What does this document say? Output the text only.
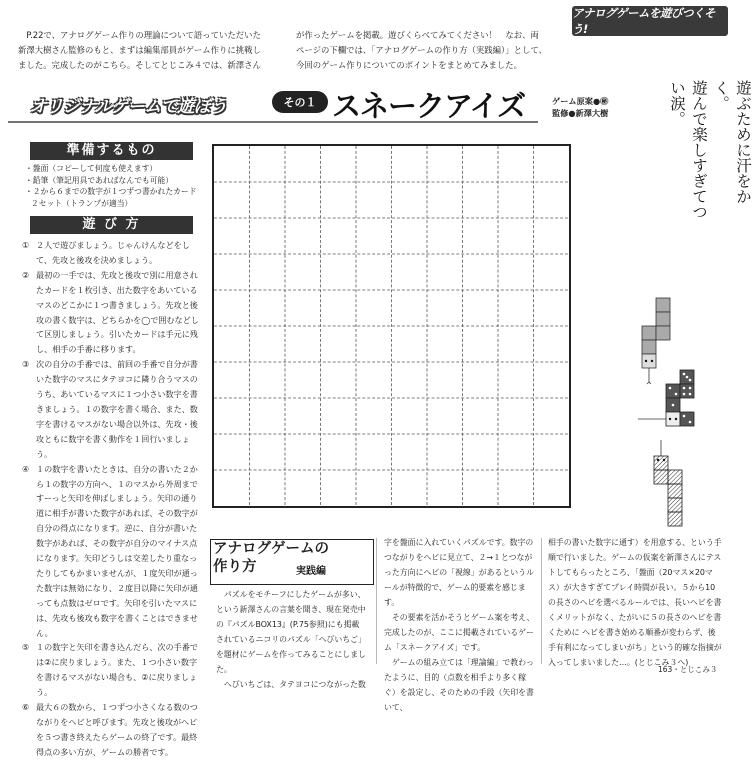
　P.22で、アナログゲーム作りの理論について語っていただいた
新澤大樹さん監修のもと、まずは編集部員がゲーム作りに挑戦し
ました。完成したのがこちら。そしてとじこみ４では、新澤さん
が作ったゲームを掲載。遊びくらべてみてください！　なお、両
ページの下欄では、「アナログゲームの作り方（実践編）」として、
今回のゲーム作りについてのポイントをまとめてみました。
アナログゲームを遊びつくそう!
オリジナルゲームで遊ぼう	その１ スネークアイズ	ゲーム原案●㊙
監修●新澤大樹	遊ぶために汗をかく。
遊んで楽しすぎてつい涙。
準備するもの
・盤面（コピーして何度も使えます）
・鉛筆（筆記用具であればなんでも可能）
・２から６までの数字が１つずつ書かれたカード２セット（トランプが適当）
遊 び 方
① ２人で遊びましょう。じゃんけんなどをして、先攻と後攻を決めましょう。
② 最初の一手では、先攻と後攻で別に用意されたカードを１枚引き、出た数字をあいているマスのどこかに１つ書きましょう。先攻と後攻の書く数字は、どちらかを◯で囲むなどして区別しましょう。引いたカードは手元に残し、相手の手番に移ります。
③ 次の自分の手番では、前回の手番で自分が書いた数字のマスにタテヨコに隣り合うマスのうち、あいているマスに１つ小さい数字を書きましょう。１の数字を書く場合、また、数字を書けるマスがない場合以外は、先攻・後攻ともに数字を書く動作を１回行いましょう。
④ １の数字を書いたときは、自分の書いた２から１の数字の方向へ、１のマスから外周まですーっと矢印を伸ばしましょう。矢印の通り道に相手が書いた数字があれば、その数字が自分の得点になります。逆に、自分が書いた数字があれば、その数字が自分のマイナス点になります。矢印どうしは交差したり重なったりしてもかまいませんが、１度矢印が通った数字は無効になり、２度目以降に矢印が通っても点数はゼロです。矢印を引いたマスには、先攻も後攻も数字を書くことはできません。
⑤ １の数字と矢印を書き込んだら、次の手番では②に戻りましょう。また、１つ小さい数字を書けるマスがない場合も、②に戻りましょう。
⑥ 最大６の数から、１つずつ小さくなる数のつながりをヘビと呼びます。先攻と後攻がヘビを５つ書き終えたらゲームの終了です。最終得点の多い方が、ゲームの勝者です。
アナログゲームの
作り方	実践編
　パズルをモチーフにしたゲームが多い、という新澤さんの言葉を聞き、現在発売中の『パズルBOX13』(P.75参照)にも掲載されているニコリのパズル「ヘびいちご」を題材にゲームを作ってみることにしました。
　ヘびいちごは、タテヨコにつながった数
字を盤面に入れていくパズルです。数字のつながりをヘビに見立て、２→１とつながった方向にヘビの「視線」があるというルールが特徴的で、ゲーム的要素を感じます。
　その要素を活かそうとゲーム案を考え、完成したのが、ここに掲載されているゲーム「スネークアイズ」です。
　ゲームの組み立ては「理論編」で教わったように、目的（点数を相手より多く稼ぐ）を設定し、そのための手段（矢印を書いて、
相手の書いた数字に通す）を用意する、という手順で行いました。ゲームの仮案を新澤さんにテストしてもらったところ、「盤面（20マス×20マス）が大きすぎてプレイ時間が長い。５から10の長さのヘビを選べるルールでは、長いヘビを書くメリットがなく、たがいに５の長さのヘビを書くために ヘビを書き始める順番が変わらず、後手有利になってしまいがち」という的確な指摘が入ってしまいました…。(とじこみ３へ)
163・とじこみ３
